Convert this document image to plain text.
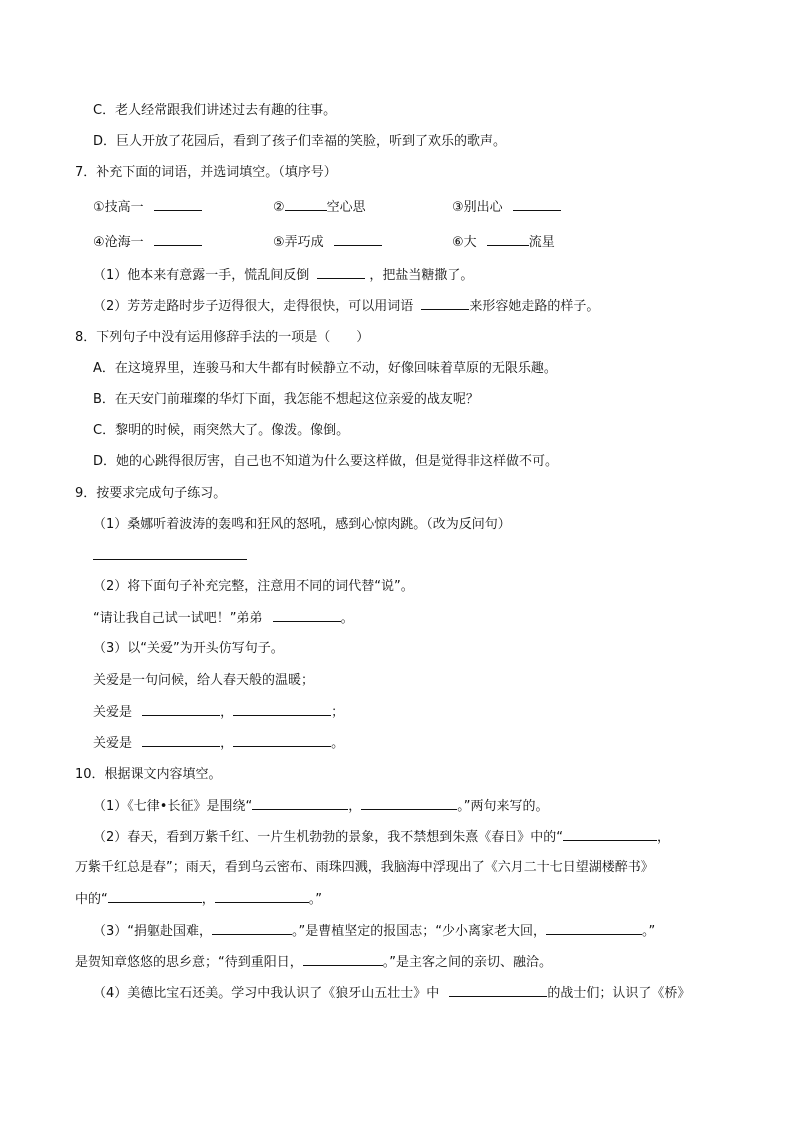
C．老人经常跟我们讲述过去有趣的往事。
D．巨人开放了花园后，看到了孩子们幸福的笑脸，听到了欢乐的歌声。
7．补充下面的词语，并选词填空。（填序号）
①技高一	②	空心思	③别出心
④沧海一	⑤弄巧成	⑥大	流星
（1）他本来有意露一手，慌乱间反倒	，把盐当糖撒了。
（2）芳芳走路时步子迈得很大，走得很快，可以用词语	来形容她走路的样子。
8．下列句子中没有运用修辞手法的一项是（　　）
A．在这境界里，连骏马和大牛都有时候静立不动，好像回味着草原的无限乐趣。
B．在天安门前璀璨的华灯下面，我怎能不想起这位亲爱的战友呢？
C．黎明的时候，雨突然大了。像泼。像倒。
D．她的心跳得很厉害，自己也不知道为什么要这样做，但是觉得非这样做不可。
9．按要求完成句子练习。
（1）桑娜听着波涛的轰鸣和狂风的怒吼，感到心惊肉跳。（改为反问句）
（2）将下面句子补充完整，注意用不同的词代替“说”。
“请让我自己试一试吧！”弟弟	。
（3）以“关爱”为开头仿写句子。
关爱是一句问候，给人春天般的温暖；
关爱是	，	；
关爱是	，	。
10．根据课文内容填空。
（1）《七律•长征》是围绕“	，	。”两句来写的。
（2）春天，看到万紫千红、一片生机勃勃的景象，我不禁想到朱熹《春日》中的“	，
万紫千红总是春”；雨天，看到乌云密布、雨珠四溅，我脑海中浮现出了《六月二十七日望湖楼醉书》
中的“	，	。”
（3）“捐躯赴国难，	。”是曹植坚定的报国志；“少小离家老大回，	。”
是贺知章悠悠的思乡意；“待到重阳日，	。”是主客之间的亲切、融洽。
（4）美德比宝石还美。学习中我认识了《狼牙山五壮士》中	的战士们；认识了《桥》
